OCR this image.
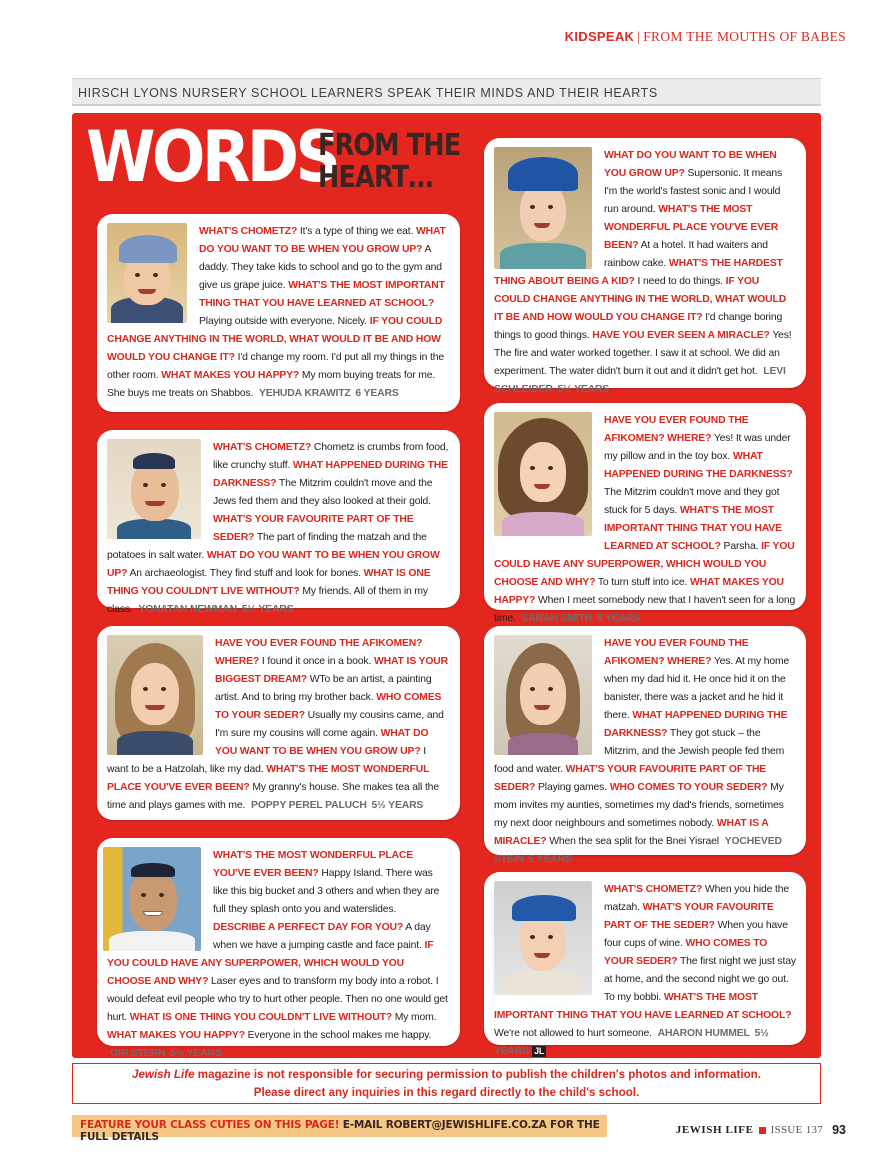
KIDSPEAK | FROM THE MOUTHS OF BABES
HIRSCH LYONS NURSERY SCHOOL LEARNERS SPEAK THEIR MINDS AND THEIR HEARTS
WORDS
FROM THE
HEART…
WHAT'S CHOMETZ? It's a type of thing we eat. WHAT DO YOU WANT TO BE WHEN YOU GROW UP? A daddy. They take kids to school and go to the gym and give us grape juice. WHAT'S THE MOST IMPORTANT THING THAT YOU HAVE LEARNED AT SCHOOL? Playing outside with everyone. Nicely. IF YOU COULD CHANGE ANYTHING IN THE WORLD, WHAT WOULD IT BE AND HOW WOULD YOU CHANGE IT? I'd change my room. I'd put all my things in the other room. WHAT MAKES YOU HAPPY? My mom buying treats for me. She buys me treats on Shabbos. YEHUDA KRAWITZ 6 YEARS
WHAT'S CHOMETZ? Chometz is crumbs from food, like crunchy stuff. WHAT HAPPENED DURING THE DARKNESS? The Mitzrim couldn't move and the Jews fed them and they also looked at their gold. WHAT'S YOUR FAVOURITE PART OF THE SEDER? The part of finding the matzah and the potatoes in salt water. WHAT DO YOU WANT TO BE WHEN YOU GROW UP? An archaeologist. They find stuff and look for bones. WHAT IS ONE THING YOU COULDN'T LIVE WITHOUT? My friends. All of them in my class. YONATAN NEWMAN 5½ YEARS
HAVE YOU EVER FOUND THE AFIKOMEN? WHERE? I found it once in a book. WHAT IS YOUR BIGGEST DREAM? WTo be an artist, a painting artist. And to bring my brother back. WHO COMES TO YOUR SEDER? Usually my cousins came, and I'm sure my cousins will come again. WHAT DO YOU WANT TO BE WHEN YOU GROW UP? I want to be a Hatzolah, like my dad. WHAT'S THE MOST WONDERFUL PLACE YOU'VE EVER BEEN? My granny's house. She makes tea all the time and plays games with me. POPPY PEREL PALUCH 5½ YEARS
WHAT'S THE MOST WONDERFUL PLACE YOU'VE EVER BEEN? Happy Island. There was like this big bucket and 3 others and when they are full they splash onto you and waterslides. DESCRIBE A PERFECT DAY FOR YOU? A day when we have a jumping castle and face paint. IF YOU COULD HAVE ANY SUPERPOWER, WHICH WOULD YOU CHOOSE AND WHY? Laser eyes and to transform my body into a robot. I would defeat evil people who try to hurt other people. Then no one would get hurt. WHAT IS ONE THING YOU COULDN'T LIVE WITHOUT? My mom. WHAT MAKES YOU HAPPY? Everyone in the school makes me happy. ORI STERN 5½ YEARS
WHAT DO YOU WANT TO BE WHEN YOU GROW UP? Supersonic. It means I'm the world's fastest sonic and I would run around. WHAT'S THE MOST WONDERFUL PLACE YOU'VE EVER BEEN? At a hotel. It had waiters and rainbow cake. WHAT'S THE HARDEST THING ABOUT BEING A KID? I need to do things. IF YOU COULD CHANGE ANYTHING IN THE WORLD, WHAT WOULD IT BE AND HOW WOULD YOU CHANGE IT? I'd change boring things to good things. HAVE YOU EVER SEEN A MIRACLE? Yes! The fire and water worked together. I saw it at school. We did an experiment. The water didn't burn it out and it didn't get hot. LEVI SCHLEIDER 5½ YEARS
HAVE YOU EVER FOUND THE AFIKOMEN? WHERE? Yes! It was under my pillow and in the toy box. WHAT HAPPENED DURING THE DARKNESS? The Mitzrim couldn't move and they got stuck for 5 days. WHAT'S THE MOST IMPORTANT THING THAT YOU HAVE LEARNED AT SCHOOL? Parsha. IF YOU COULD HAVE ANY SUPERPOWER, WHICH WOULD YOU CHOOSE AND WHY? To turn stuff into ice. WHAT MAKES YOU HAPPY? When I meet somebody new that I haven't seen for a long time. SARAH SMITH 5 YEARS
HAVE YOU EVER FOUND THE AFIKOMEN? WHERE? Yes. At my home when my dad hid it. He once hid it on the banister, there was a jacket and he hid it there. WHAT HAPPENED DURING THE DARKNESS? They got stuck – the Mitzrim, and the Jewish people fed them food and water. WHAT'S YOUR FAVOURITE PART OF THE SEDER? Playing games. WHO COMES TO YOUR SEDER? My mom invites my aunties, sometimes my dad's friends, sometimes my next door neighbours and sometimes nobody. WHAT IS A MIRACLE? When the sea split for the Bnei Yisrael YOCHEVED STEIN 5 YEARS
WHAT'S CHOMETZ? When you hide the matzah. WHAT'S YOUR FAVOURITE PART OF THE SEDER? When you have four cups of wine. WHO COMES TO YOUR SEDER? The first night we just stay at home, and the second night we go out. To my bobbi. WHAT'S THE MOST IMPORTANT THING THAT YOU HAVE LEARNED AT SCHOOL? We're not allowed to hurt someone. AHARON HUMMEL 5½ YEARS JL
Jewish Life magazine is not responsible for securing permission to publish the children's photos and information.
Please direct any inquiries in this regard directly to the child's school.
FEATURE YOUR CLASS CUTIES ON THIS PAGE! E-MAIL ROBERT@JEWISHLIFE.CO.ZA FOR THE FULL DETAILS
JEWISH LIFE ISSUE 137 93
